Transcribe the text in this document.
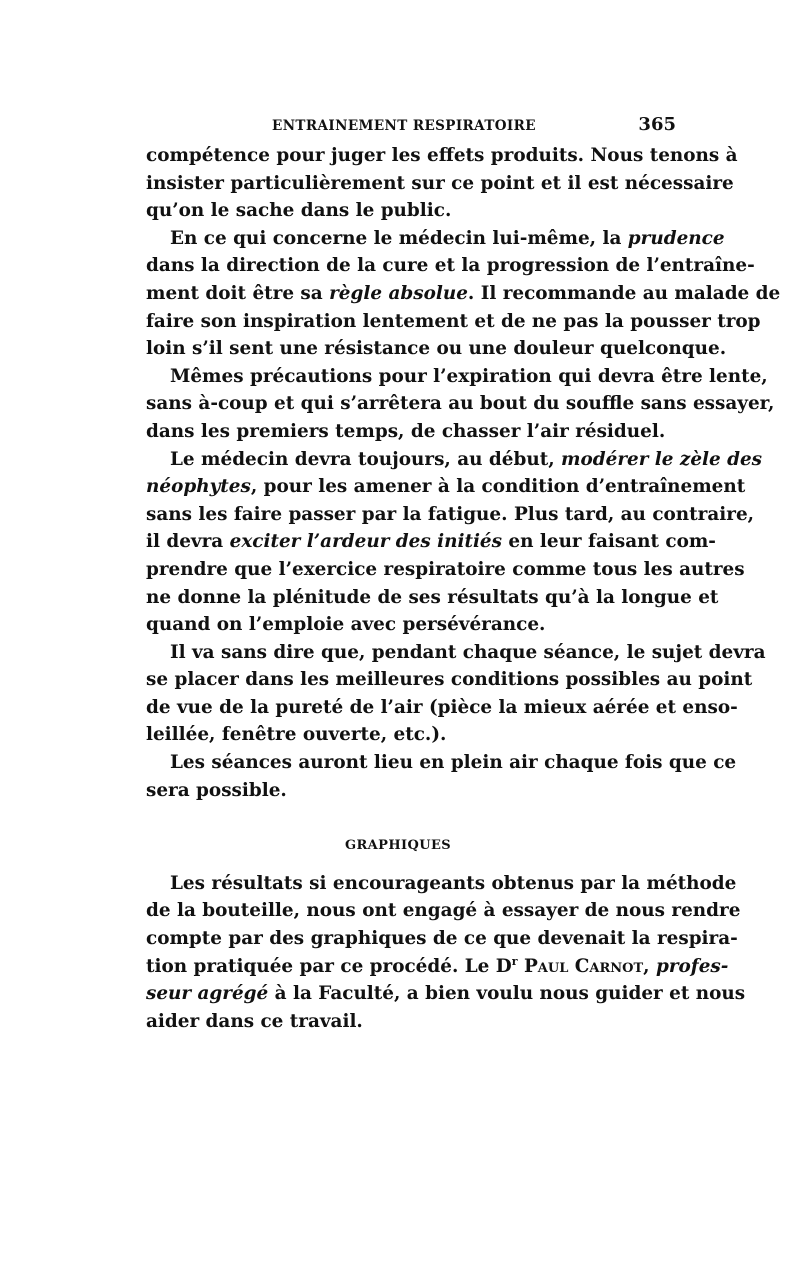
ENTRAINEMENT RESPIRATOIRE	365
compétence pour juger les effets produits. Nous tenons à
insister particulièrement sur ce point et il est nécessaire
qu’on le sache dans le public.
En ce qui concerne le médecin lui-même, la prudence
dans la direction de la cure et la progression de l’entraîne-
ment doit être sa règle absolue. Il recommande au malade de
faire son inspiration lentement et de ne pas la pousser trop
loin s’il sent une résistance ou une douleur quelconque.
Mêmes précautions pour l’expiration qui devra être lente,
sans à-coup et qui s’arrêtera au bout du souffle sans essayer,
dans les premiers temps, de chasser l’air résiduel.
Le médecin devra toujours, au début, modérer le zèle des
néophytes, pour les amener à la condition d’entraînement
sans les faire passer par la fatigue. Plus tard, au contraire,
il devra exciter l’ardeur des initiés en leur faisant com-
prendre que l’exercice respiratoire comme tous les autres
ne donne la plénitude de ses résultats qu’à la longue et
quand on l’emploie avec persévérance.
Il va sans dire que, pendant chaque séance, le sujet devra
se placer dans les meilleures conditions possibles au point
de vue de la pureté de l’air (pièce la mieux aérée et enso-
leillée, fenêtre ouverte, etc.).
Les séances auront lieu en plein air chaque fois que ce
sera possible.
GRAPHIQUES
Les résultats si encourageants obtenus par la méthode
de la bouteille, nous ont engagé à essayer de nous rendre
compte par des graphiques de ce que devenait la respira-
tion pratiquée par ce procédé. Le $D^r$ Paul Carnot, profes-
seur agrégé à la Faculté, a bien voulu nous guider et nous
aider dans ce travail.
